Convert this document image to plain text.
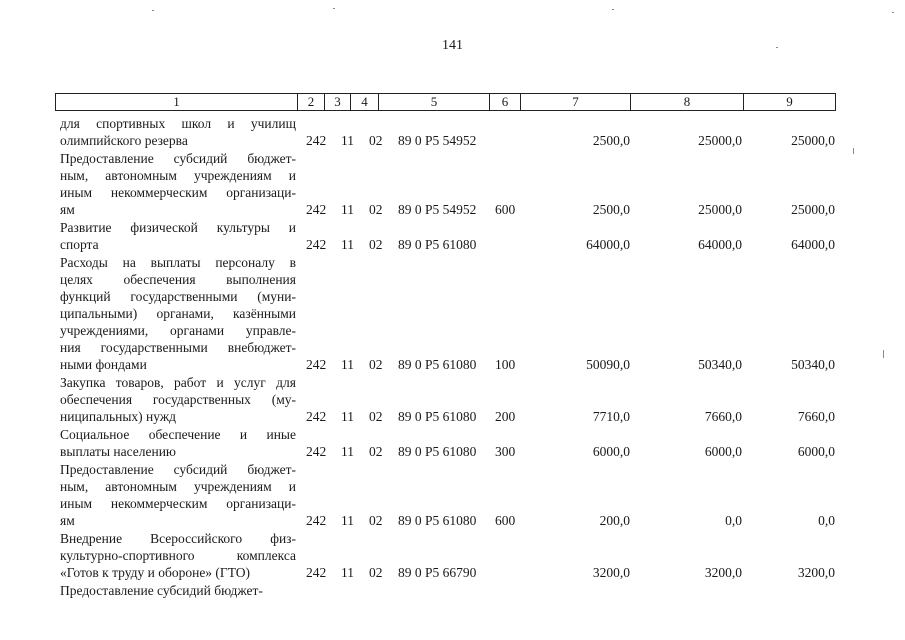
141
1	2	3	4	5	6	7	8	9
для спортивных школ и училищ
олимпийского резерва	242 11 02 89 0 P5 54952	2500,0	25000,0	25000,0
Предоставление субсидий бюджет-
ным, автономным учреждениям и
иным некоммерческим организаци-
ям	242 11 02 89 0 P5 54952 600	2500,0	25000,0	25000,0
Развитие физической культуры и
спорта	242 11 02 89 0 P5 61080	64000,0	64000,0	64000,0
Расходы на выплаты персоналу в
целях обеспечения выполнения
функций государственными (муни-
ципальными) органами, казёнными
учреждениями, органами управле-
ния государственными внебюджет-
ными фондами	242 11 02 89 0 P5 61080 100	50090,0	50340,0	50340,0
Закупка товаров, работ и услуг для
обеспечения государственных (му-
ниципальных) нужд	242 11 02 89 0 P5 61080 200	7710,0	7660,0	7660,0
Социальное обеспечение и иные
выплаты населению	242 11 02 89 0 P5 61080 300	6000,0	6000,0	6000,0
Предоставление субсидий бюджет-
ным, автономным учреждениям и
иным некоммерческим организаци-
ям	242 11 02 89 0 P5 61080 600	200,0	0,0	0,0
Внедрение Всероссийского физ-
культурно-спортивного комплекса
«Готов к труду и обороне» (ГТО)	242 11 02 89 0 P5 66790	3200,0	3200,0	3200,0
Предоставление субсидий бюджет-
